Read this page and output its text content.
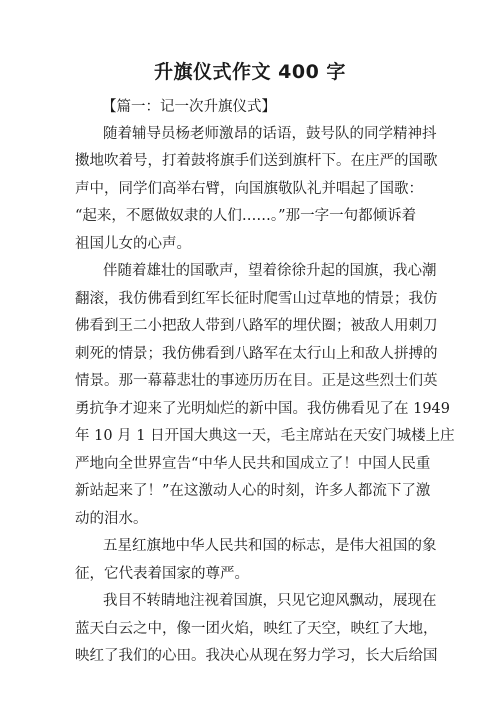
升旗仪式作文 400 字
【篇一：记一次升旗仪式】
随着辅导员杨老师激昂的话语，鼓号队的同学精神抖
擞地吹着号，打着鼓将旗手们送到旗杆下。在庄严的国歌
声中，同学们高举右臂，向国旗敬队礼并唱起了国歌：
“起来，不愿做奴隶的人们……。”那一字一句都倾诉着
祖国儿女的心声。
伴随着雄壮的国歌声，望着徐徐升起的国旗，我心潮
翻滚，我仿佛看到红军长征时爬雪山过草地的情景；我仿
佛看到王二小把敌人带到八路军的埋伏圈；被敌人用刺刀
刺死的情景；我仿佛看到八路军在太行山上和敌人拼搏的
情景。那一幕幕悲壮的事迹历历在目。正是这些烈士们英
勇抗争才迎来了光明灿烂的新中国。我仿佛看见了在 1949
年 10 月 1 日开国大典这一天，毛主席站在天安门城楼上庄
严地向全世界宣告“中华人民共和国成立了！中国人民重
新站起来了！”在这激动人心的时刻，许多人都流下了激
动的泪水。
五星红旗地中华人民共和国的标志，是伟大祖国的象
征，它代表着国家的尊严。
我目不转睛地注视着国旗，只见它迎风飘动，展现在
蓝天白云之中，像一团火焰，映红了天空，映红了大地，
映红了我们的心田。我决心从现在努力学习，长大后给国
